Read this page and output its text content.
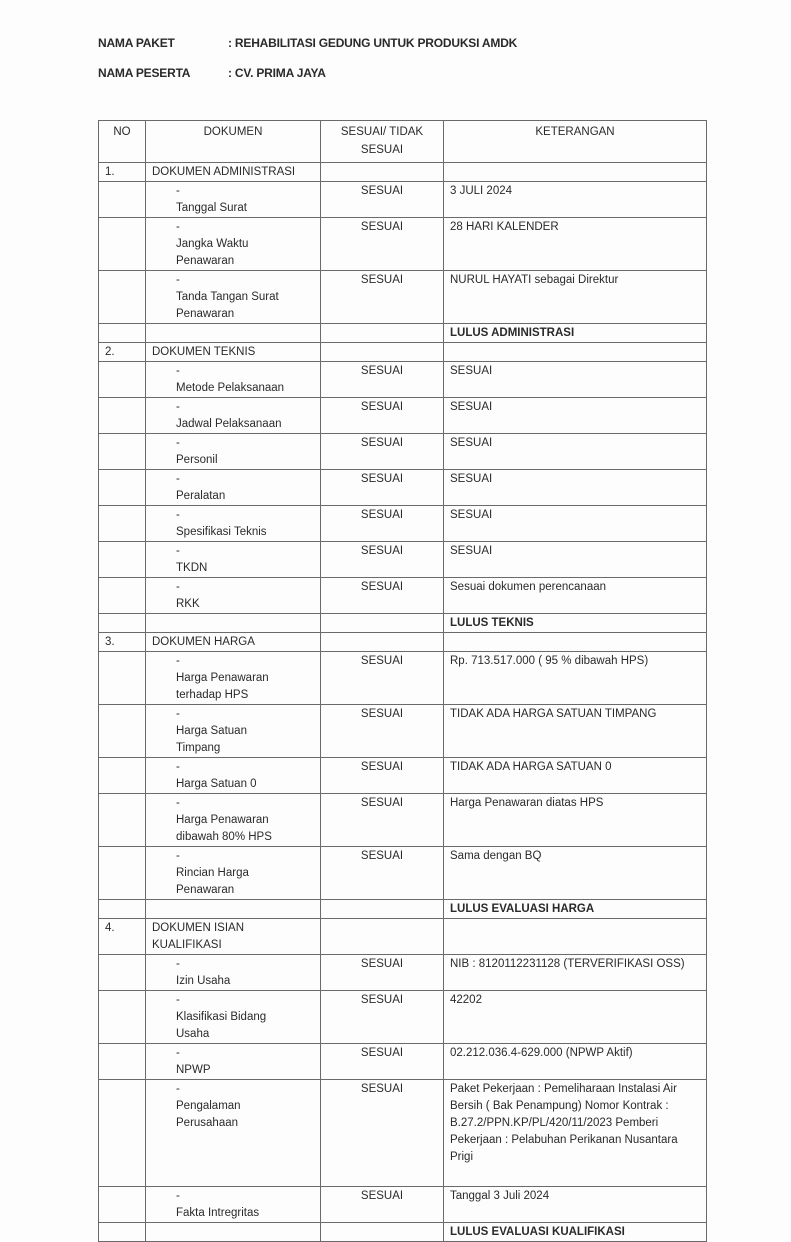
NAMA PAKET	: REHABILITASI GEDUNG UNTUK PRODUKSI AMDK
NAMA PESERTA	: CV. PRIMA JAYA
NO	DOKUMEN	SESUAI/ TIDAK SESUAI	KETERANGAN
1.	DOKUMEN ADMINISTRASI		
	-Tanggal Surat	SESUAI	3 JULI 2024
	-Jangka Waktu Penawaran	SESUAI	28 HARI KALENDER
	-Tanda Tangan Surat Penawaran	SESUAI	NURUL HAYATI sebagai Direktur
			LULUS ADMINISTRASI
2.	DOKUMEN TEKNIS		
	-Metode Pelaksanaan	SESUAI	SESUAI
	-Jadwal Pelaksanaan	SESUAI	SESUAI
	-Personil	SESUAI	SESUAI
	-Peralatan	SESUAI	SESUAI
	-Spesifikasi Teknis	SESUAI	SESUAI
	-TKDN	SESUAI	SESUAI
	-RKK	SESUAI	Sesuai dokumen perencanaan
			LULUS TEKNIS
3.	DOKUMEN HARGA		
	-Harga Penawaran terhadap HPS	SESUAI	Rp. 713.517.000 ( 95 % dibawah HPS)
	-Harga Satuan Timpang	SESUAI	TIDAK ADA HARGA SATUAN TIMPANG
	-Harga Satuan 0	SESUAI	TIDAK ADA HARGA SATUAN 0
	-Harga Penawaran dibawah 80% HPS	SESUAI	Harga Penawaran diatas HPS
	-Rincian Harga Penawaran	SESUAI	Sama dengan BQ
			LULUS EVALUASI HARGA
4.	DOKUMEN ISIAN KUALIFIKASI		
	-Izin Usaha	SESUAI	NIB : 8120112231128 (TERVERIFIKASI OSS)
	-Klasifikasi Bidang Usaha	SESUAI	42202
	-NPWP	SESUAI	02.212.036.4-629.000 (NPWP Aktif)
	-Pengalaman Perusahaan	SESUAI	Paket Pekerjaan : Pemeliharaan Instalasi Air Bersih ( Bak Penampung) Nomor Kontrak : B.27.2/PPN.KP/PL/420/11/2023 Pemberi Pekerjaan : Pelabuhan Perikanan Nusantara Prigi
	-Fakta Intregritas	SESUAI	Tanggal 3 Juli 2024
			LULUS EVALUASI KUALIFIKASI
